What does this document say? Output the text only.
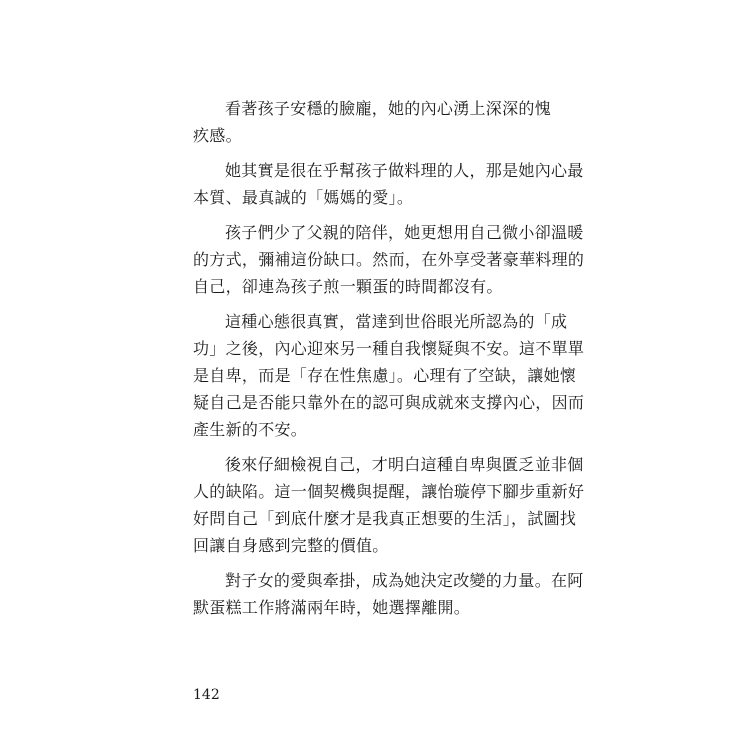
看著孩子安穩的臉龐，她的內心湧上深深的愧
疚感。
她其實是很在乎幫孩子做料理的人，那是她內心最
本質、最真誠的「媽媽的愛」。
孩子們少了父親的陪伴，她更想用自己微小卻溫暖
的方式，彌補這份缺口。然而，在外享受著豪華料理的
自己，卻連為孩子煎一顆蛋的時間都沒有。
這種心態很真實，當達到世俗眼光所認為的「成
功」之後，內心迎來另一種自我懷疑與不安。這不單單
是自卑，而是「存在性焦慮」。心理有了空缺，讓她懷
疑自己是否能只靠外在的認可與成就來支撐內心，因而
產生新的不安。
後來仔細檢視自己，才明白這種自卑與匱乏並非個
人的缺陷。這一個契機與提醒，讓怡璇停下腳步重新好
好問自己「到底什麼才是我真正想要的生活」，試圖找
回讓自身感到完整的價值。
對子女的愛與牽掛，成為她決定改變的力量。在阿
默蛋糕工作將滿兩年時，她選擇離開。
142
